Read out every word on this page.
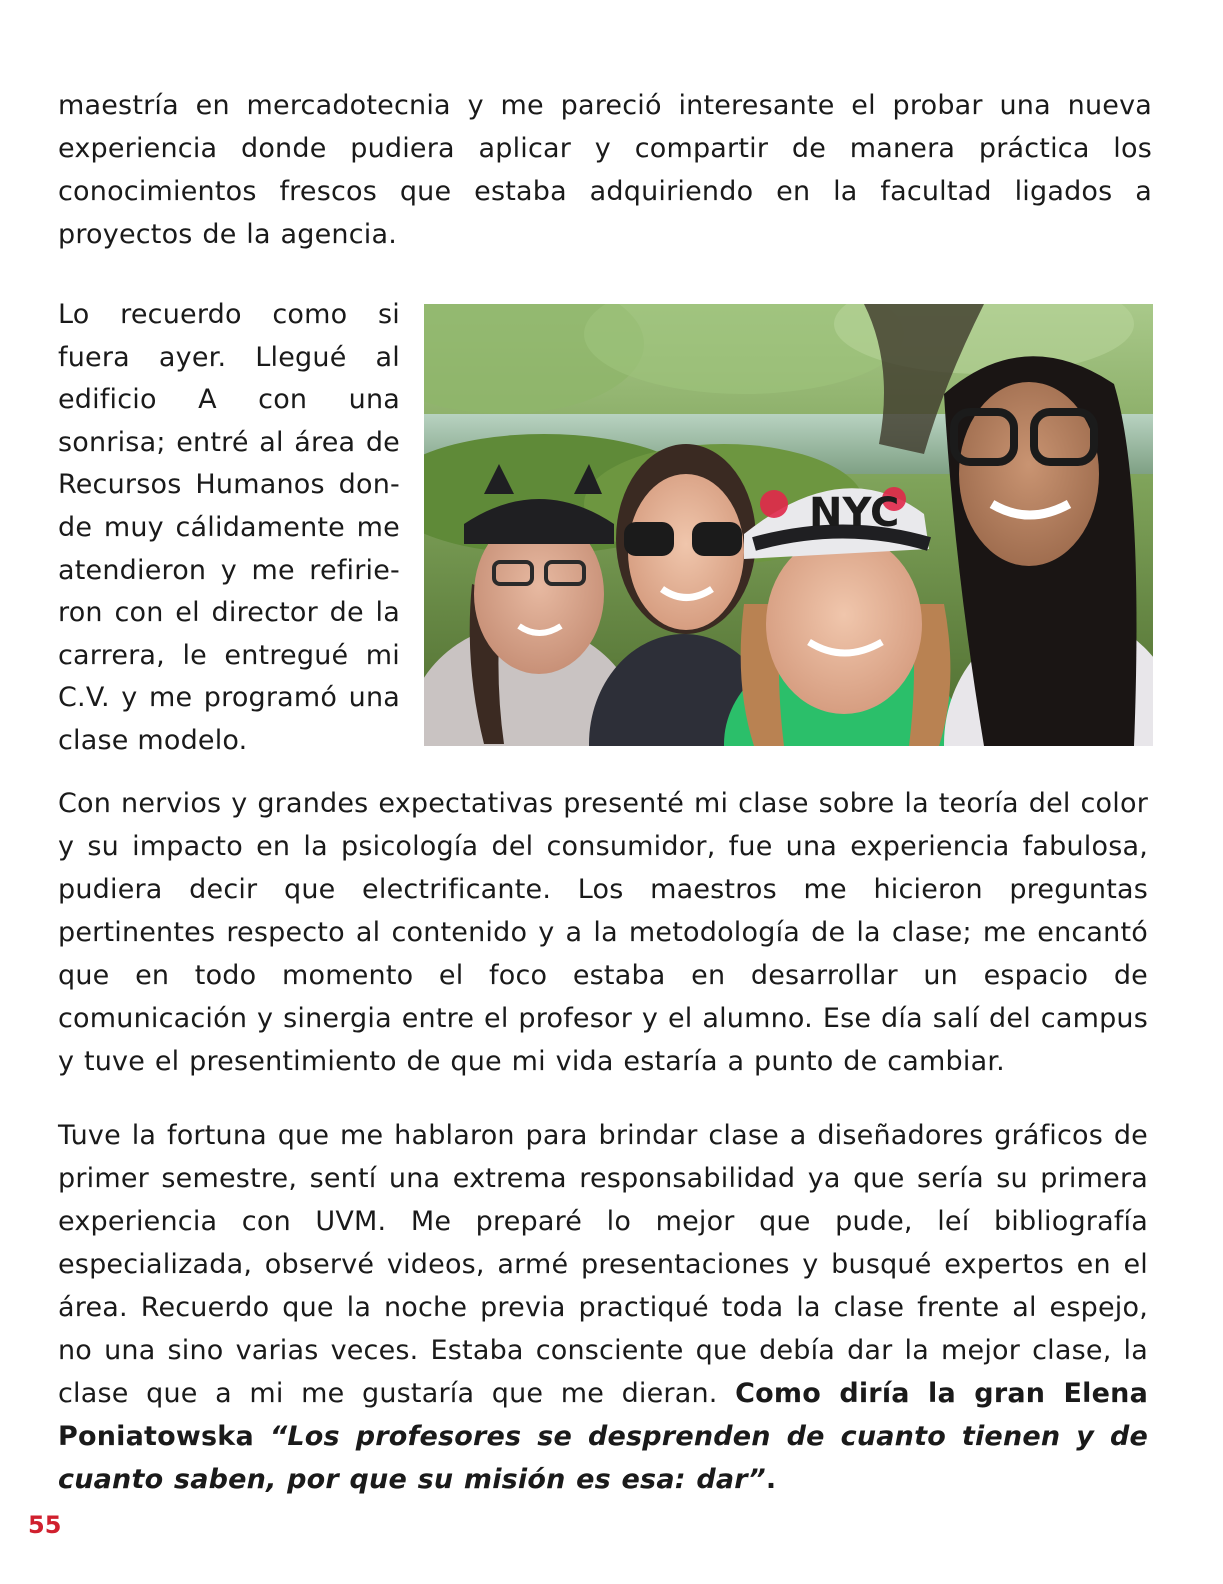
maestría en mercadotecnia y me pareció interesante el probar una nueva experiencia donde pudiera aplicar y compartir de manera práctica los conocimientos frescos que estaba adquiriendo en la facultad ligados a proyectos de la agencia.

Lo recuerdo como si
fuera ayer. Llegué al
edificio A con una
sonrisa; entré al área de
Recursos Humanos don-
de muy cálidamente me
atendieron y me refirie-
ron con el director de la
carrera, le entregué mi
C.V. y me programó una
clase modelo.
NYC

Con nervios y grandes expectativas presenté mi clase sobre la teoría del color y su impacto en la psicología del consumidor, fue una experiencia fabulosa, pudiera decir que electrificante. Los maestros me hicieron preguntas pertinentes respecto al contenido y a la metodología de la clase; me encantó que en todo momento el foco estaba en desarrollar un espacio de comunicación y sinergia entre el profesor y el alumno. Ese día salí del campus y tuve el presentimiento de que mi vida estaría a punto de cambiar.

Tuve la fortuna que me hablaron para brindar clase a diseñadores gráficos de primer semestre, sentí una extrema responsabilidad ya que sería su primera experiencia con UVM. Me preparé lo mejor que pude, leí bibliografía especializada, observé videos, armé presentaciones y busqué expertos en el área. Recuerdo que la noche previa practiqué toda la clase frente al espejo, no una sino varias veces. Estaba consciente que debía dar la mejor clase, la clase que a mi me gustaría que me dieran. Como diría la gran Elena Poniatowska “Los profesores se desprenden de cuanto tienen y de cuanto saben, por que su misión es esa: dar”.

55
